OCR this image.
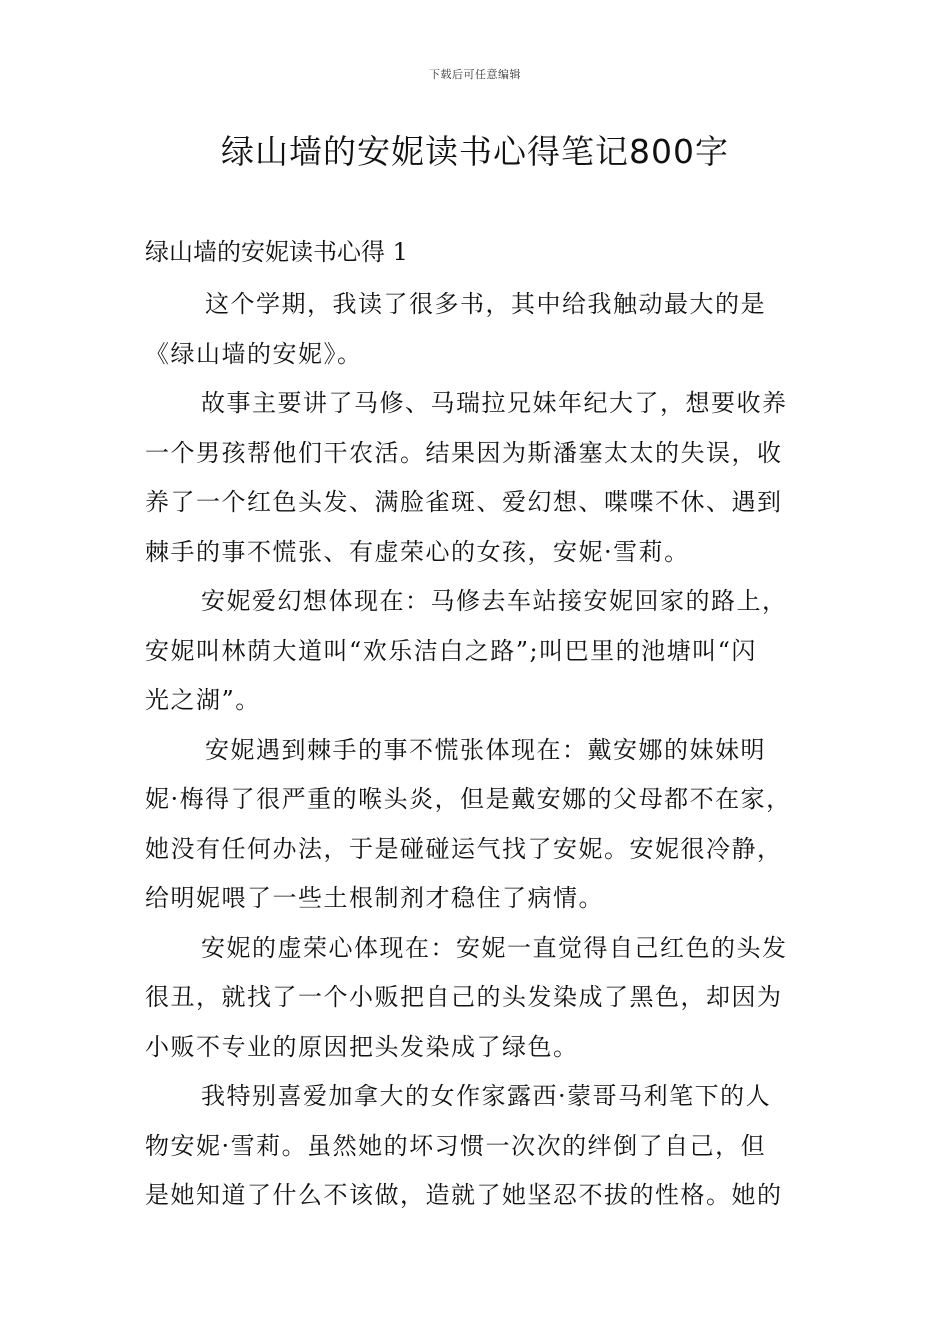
下载后可任意编辑
绿山墙的安妮读书心得笔记800字
绿山墙的安妮读书心得 1
这个学期，我读了很多书，其中给我触动最大的是
《绿山墙的安妮》。
故事主要讲了马修、马瑞拉兄妹年纪大了，想要收养
一个男孩帮他们干农活。结果因为斯潘塞太太的失误，收
养了一个红色头发、满脸雀斑、爱幻想、喋喋不休、遇到
棘手的事不慌张、有虚荣心的女孩，安妮·雪莉。
安妮爱幻想体现在：马修去车站接安妮回家的路上，
安妮叫林荫大道叫“欢乐洁白之路”;叫巴里的池塘叫“闪
光之湖”。
安妮遇到棘手的事不慌张体现在：戴安娜的妹妹明
妮·梅得了很严重的喉头炎，但是戴安娜的父母都不在家，
她没有任何办法，于是碰碰运气找了安妮。安妮很冷静，
给明妮喂了一些土根制剂才稳住了病情。
安妮的虚荣心体现在：安妮一直觉得自己红色的头发
很丑，就找了一个小贩把自己的头发染成了黑色，却因为
小贩不专业的原因把头发染成了绿色。
我特别喜爱加拿大的女作家露西·蒙哥马利笔下的人
物安妮·雪莉。虽然她的坏习惯一次次的绊倒了自己，但
是她知道了什么不该做，造就了她坚忍不拔的性格。她的
